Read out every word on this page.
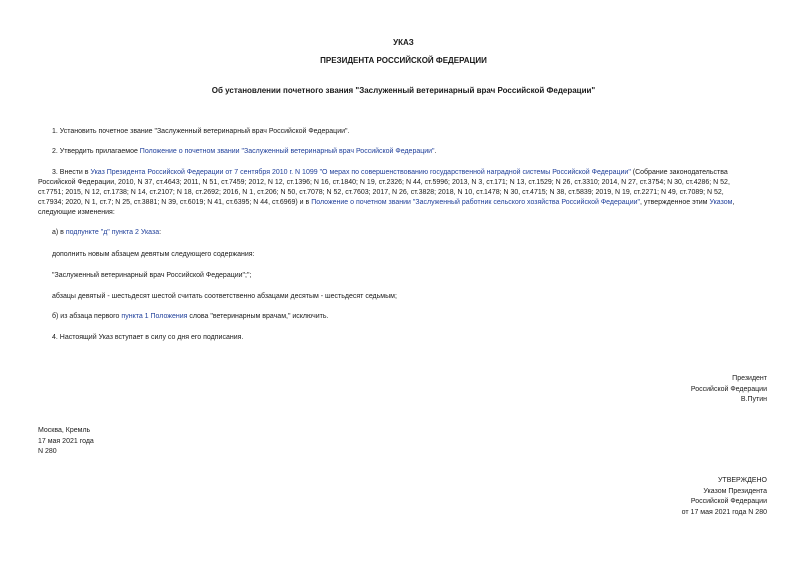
УКАЗ
ПРЕЗИДЕНТА РОССИЙСКОЙ ФЕДЕРАЦИИ
Об установлении почетного звания "Заслуженный ветеринарный врач Российской Федерации"
1. Установить почетное звание "Заслуженный ветеринарный врач Российской Федерации".
2. Утвердить прилагаемое Положение о почетном звании "Заслуженный ветеринарный врач Российской Федерации".
3. Внести в Указ Президента Российской Федерации от 7 сентября 2010 г. N 1099 "О мерах по совершенствованию государственной наградной системы Российской Федерации" (Собрание законодательства
Российской Федерации, 2010, N 37, ст.4643; 2011, N 51, ст.7459; 2012, N 12, ст.1396; N 16, ст.1840; N 19, ст.2326; N 44, ст.5996; 2013, N 3, ст.171; N 13, ст.1529; N 26, ст.3310; 2014, N 27, ст.3754; N 30, ст.4286; N 52,
ст.7751; 2015, N 12, ст.1738; N 14, ст.2107; N 18, ст.2692; 2016, N 1, ст.206; N 50, ст.7078; N 52, ст.7603; 2017, N 26, ст.3828; 2018, N 10, ст.1478; N 30, ст.4715; N 38, ст.5839; 2019, N 19, ст.2271; N 49, ст.7089; N 52,
ст.7934; 2020, N 1, ст.7; N 25, ст.3881; N 39, ст.6019; N 41, ст.6395; N 44, ст.6969) и в Положение о почетном звании "Заслуженный работник сельского хозяйства Российской Федерации", утвержденное этим Указом,
следующие изменения:
а) в подпункте "д" пункта 2 Указа:
дополнить новым абзацем девятым следующего содержания:
"Заслуженный ветеринарный врач Российской Федерации";";
абзацы девятый - шестьдесят шестой считать соответственно абзацами десятым - шестьдесят седьмым;
б) из абзаца первого пункта 1 Положения слова "ветеринарным врачам," исключить.
4. Настоящий Указ вступает в силу со дня его подписания.
Президент
Российской Федерации
В.Путин
Москва, Кремль
17 мая 2021 года
N 280
УТВЕРЖДЕНО
Указом Президента
Российской Федерации
от 17 мая 2021 года N 280
